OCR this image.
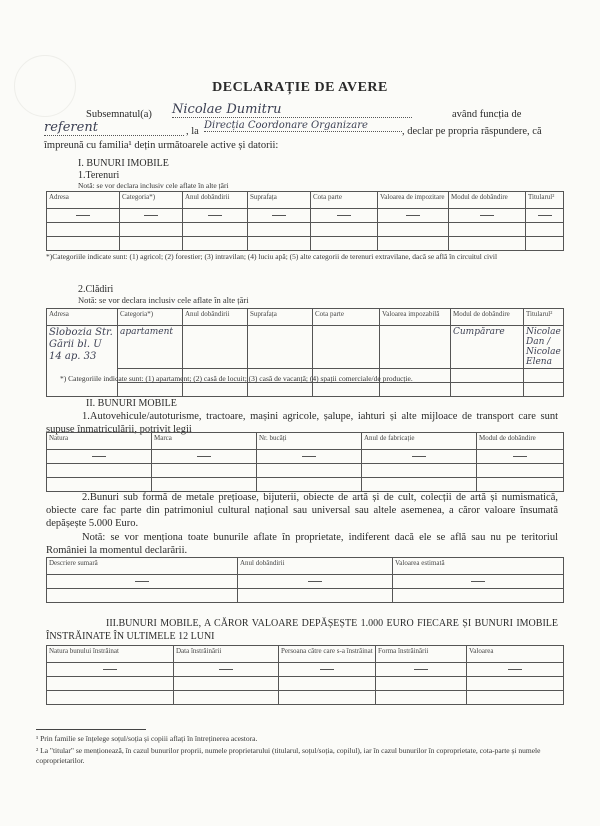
DECLARAȚIE DE AVERE
Subsemnatul(a) Nicolae Dumitru	având funcția de
referent	, la
Direcția Coordonare Organizare
, declar pe propria răspundere, că
împreună cu familia¹ dețin următoarele active și datorii:
I. BUNURI IMOBILE
1.Terenuri
Notă: se vor declara inclusiv cele aflate în alte țări
Adresa	Categoria*)	Anul dobândirii	Suprafața	Cota parte	Valoarea de impozitare	Modul de dobândire	Titularul²

*)Categoriile indicate sunt: (1) agricol; (2) forestier; (3) intravilan; (4) luciu apă; (5) alte categorii de terenuri extravilane, dacă se află în circuitul civil
2.Clădiri
Notă: se vor declara inclusiv cele aflate în alte țări
Adresa	Categoria*)	Anul dobândirii	Suprafața	Cota parte	Valoarea impozabilă	Modul de dobândire	Titularul²
Slobozia Str. Gării bl. U 14 ap. 33	apartament					Cumpărare	Nicolae Dan / Nicolae Elena

*) Categoriile indicate sunt: (1) apartament; (2) casă de locuit; (3) casă de vacanță; (4) spații comerciale/de producție.
II. BUNURI MOBILE
1.Autovehicule/autoturisme, tractoare, mașini agricole, șalupe, iahturi și alte mijloace de transport care sunt supuse înmatriculării, potrivit legii
Natura	Marca	Nr. bucăți	Anul de fabricație	Modul de dobândire

2.Bunuri sub formă de metale prețioase, bijuterii, obiecte de artă și de cult, colecții de artă și numismatică, obiecte care fac parte din patrimoniul cultural național sau universal sau altele asemenea, a căror valoare însumată depășește 5.000 Euro.
Notă: se vor menționa toate bunurile aflate în proprietate, indiferent dacă ele se află sau nu pe teritoriul României la momentul declarării.
Descriere sumară	Anul dobândirii	Valoarea estimată

III.BUNURI MOBILE, A CĂROR VALOARE DEPĂȘEȘTE 1.000 EURO FIECARE ȘI BUNURI IMOBILE ÎNSTRĂINATE ÎN ULTIMELE 12 LUNI
Natura bunului înstrăinat	Data înstrăinării	Persoana către care s-a înstrăinat	Forma înstrăinării	Valoarea

¹ Prin familie se înțelege soțul/soția și copiii aflați în întreținerea acestora.
² La "titular" se menționează, în cazul bunurilor proprii, numele proprietarului (titularul, soțul/soția, copilul), iar în cazul bunurilor în coproprietate, cota-parte și numele coproprietarilor.
